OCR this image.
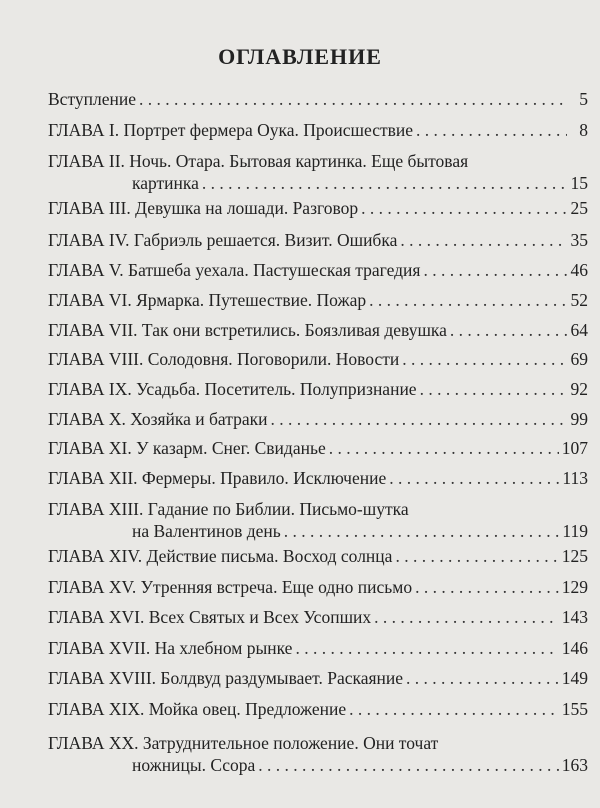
ОГЛАВЛЕНИЕ
Вступление . . .	5
ГЛАВА I. Портрет фермера Оука. Происшествие . . .	8
ГЛАВА II. Ночь. Отара. Бытовая картинка. Еще бытовая
картинка . . .	15
ГЛАВА III. Девушка на лошади. Разговор . . .	25
ГЛАВА IV. Габриэль решается. Визит. Ошибка . . .	35
ГЛАВА V. Батшеба уехала. Пастушеская трагедия . . .	46
ГЛАВА VI. Ярмарка. Путешествие. Пожар . . .	52
ГЛАВА VII. Так они встретились. Боязливая девушка . . .	64
ГЛАВА VIII. Солодовня. Поговорили. Новости . . .	69
ГЛАВА IX. Усадьба. Посетитель. Полупризнание . . .	92
ГЛАВА X. Хозяйка и батраки . . .	99
ГЛАВА XI. У казарм. Снег. Свиданье . . .	107
ГЛАВА XII. Фермеры. Правило. Исключение . . .	113
ГЛАВА XIII. Гадание по Библии. Письмо-шутка
на Валентинов день . . .	119
ГЛАВА XIV. Действие письма. Восход солнца . . .	125
ГЛАВА XV. Утренняя встреча. Еще одно письмо . . .	129
ГЛАВА XVI. Всех Святых и Всех Усопших . . .	143
ГЛАВА XVII. На хлебном рынке . . .	146
ГЛАВА XVIII. Болдвуд раздумывает. Раскаяние . . .	149
ГЛАВА XIX. Мойка овец. Предложение . . .	155
ГЛАВА XX. Затруднительное положение. Они точат
ножницы. Ссора . . .	163
